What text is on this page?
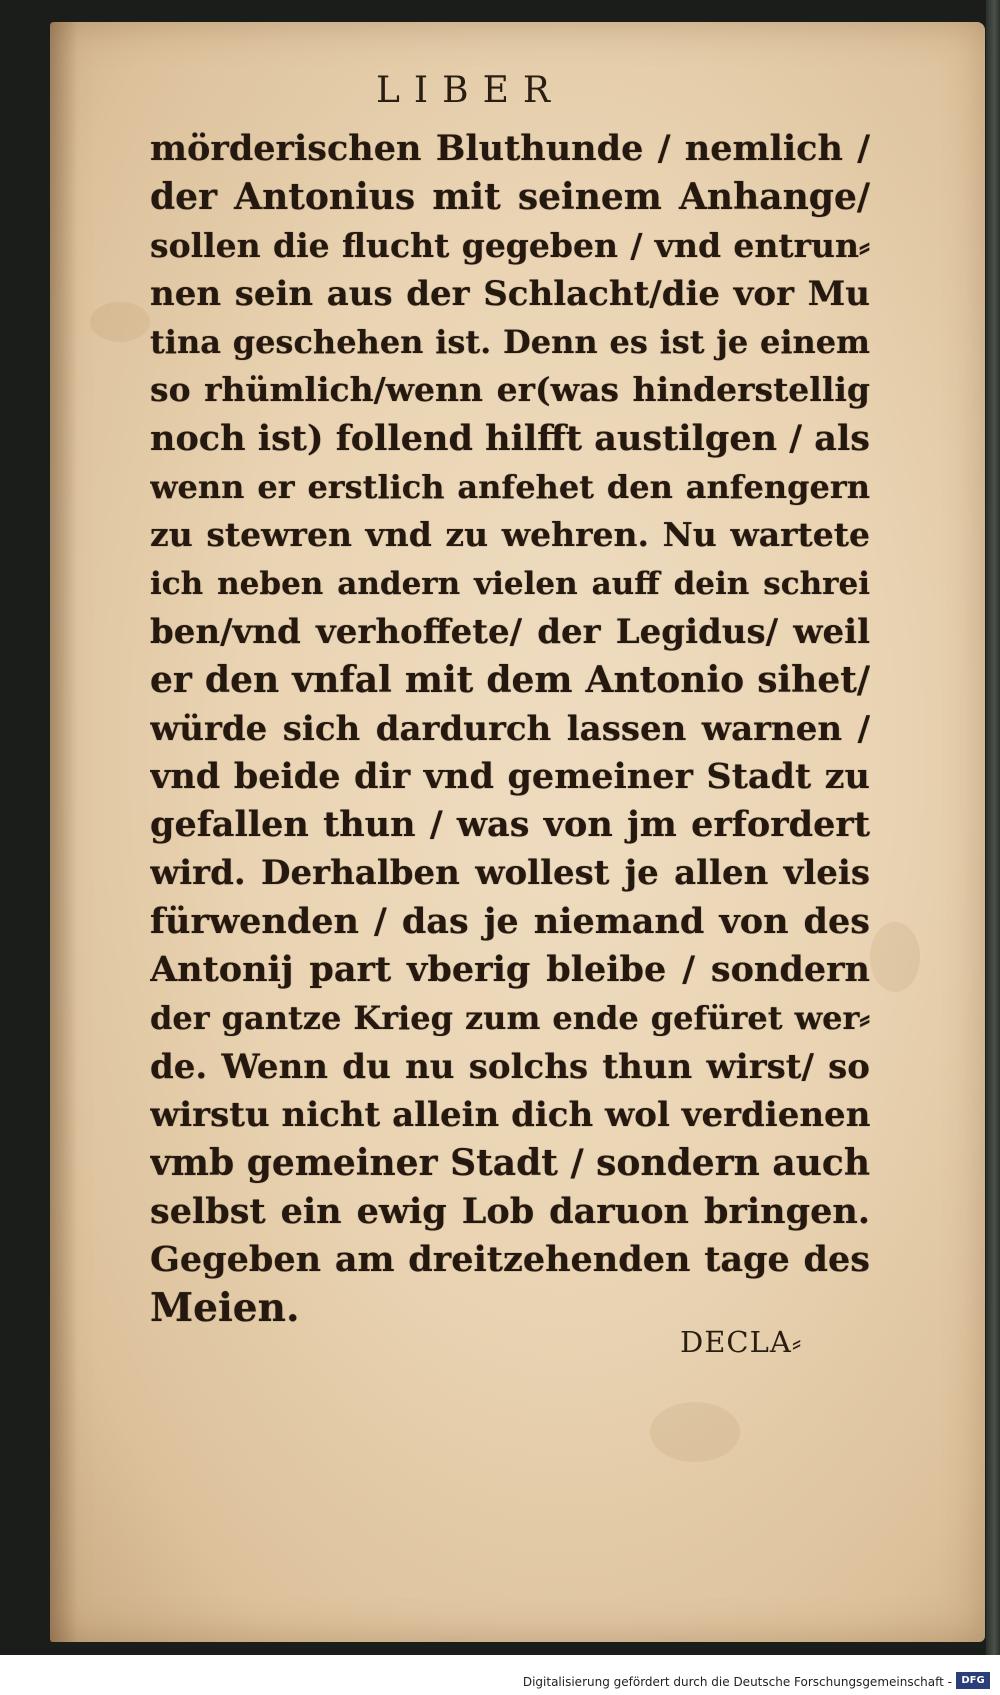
LIBER
mörderischen Bluthunde / nemlich /
der Antonius mit seinem Anhange/
sollen die flucht gegeben / vnd entrun⸗
nen sein aus der Schlacht/die vor Mu
tina geschehen ist. Denn es ist je einem
so rhümlich/wenn er(was hinderstellig
noch ist) follend hilfft austilgen / als
wenn er erstlich anfehet den anfengern
zu stewren vnd zu wehren. Nu wartete
ich neben andern vielen auff dein schrei
ben/vnd verhoffete/ der Legidus/ weil
er den vnfal mit dem Antonio sihet/
würde sich dardurch lassen warnen /
vnd beide dir vnd gemeiner Stadt zu
gefallen thun / was von jm erfordert
wird. Derhalben wollest je allen vleis
fürwenden / das je niemand von des
Antonij part vberig bleibe / sondern
der gantze Krieg zum ende gefüret wer⸗
de. Wenn du nu solchs thun wirst/ so
wirstu nicht allein dich wol verdienen
vmb gemeiner Stadt / sondern auch
selbst ein ewig Lob daruon bringen.
Gegeben am dreitzehenden tage des
Meien.
DECLA⸗
Digitalisierung gefördert durch die Deutsche Forschungsgemeinschaft - DFG
